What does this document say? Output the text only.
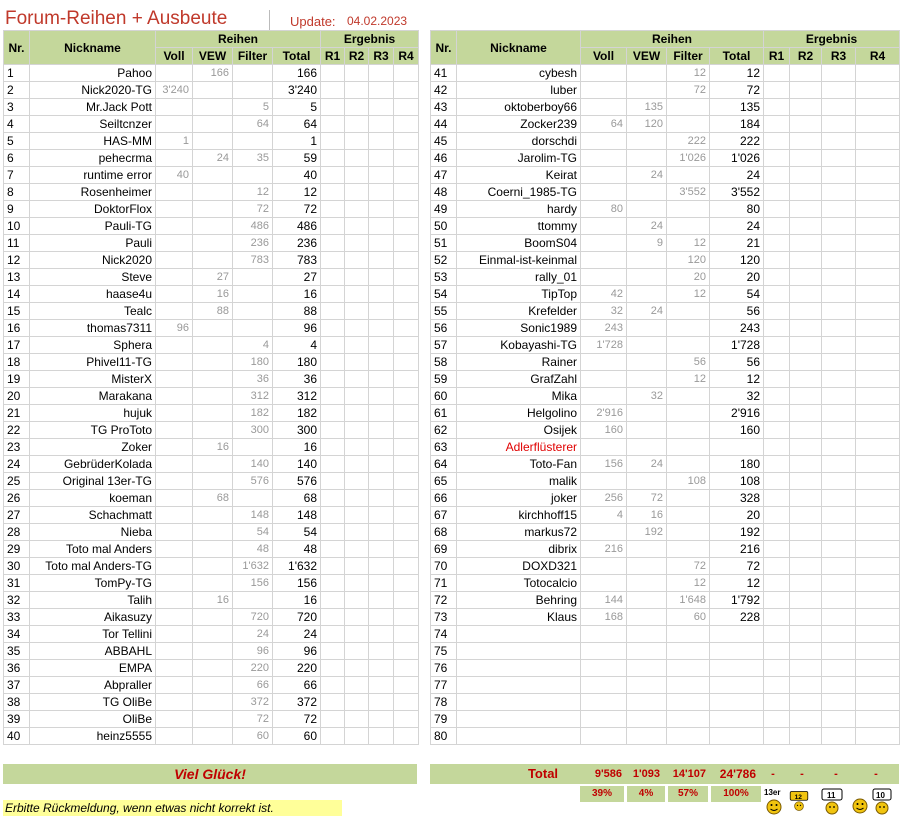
Forum-Reihen + Ausbeute	Update: 04.02.2023
Nr.	Nickname	Reihen				Ergebnis			
		Voll	VEW	Filter	Total	R1	R2	R3	R4
1	Pahoo		166		166				
2	Nick2020-TG	3'240			3'240				
3	Mr.Jack Pott			5	5				
4	Seiltcnzer			64	64				
5	HAS-MM	1			1				
6	pehecrma		24	35	59				
7	runtime error	40			40				
8	Rosenheimer			12	12				
9	DoktorFlox			72	72				
10	Pauli-TG			486	486				
11	Pauli			236	236				
12	Nick2020			783	783				
13	Steve		27		27				
14	haase4u		16		16				
15	Tealc		88		88				
16	thomas7311	96			96				
17	Sphera			4	4				
18	Phivel11-TG			180	180				
19	MisterX			36	36				
20	Marakana			312	312				
21	hujuk			182	182				
22	TG ProToto			300	300				
23	Zoker		16		16				
24	GebrüderKolada			140	140				
25	Original 13er-TG			576	576				
26	koeman		68		68				
27	Schachmatt			148	148				
28	Nieba			54	54				
29	Toto mal Anders			48	48				
30	Toto mal Anders-TG			1'632	1'632				
31	TomPy-TG			156	156				
32	Talih		16		16				
33	Aikasuzy			720	720				
34	Tor Tellini			24	24				
35	ABBAHL			96	96				
36	EMPA			220	220				
37	Abpraller			66	66				
38	TG OliBe			372	372				
39	OliBe			72	72				
40	heinz5555			60	60				
Nr.	Nickname	Reihen				Ergebnis			
		Voll	VEW	Filter	Total	R1	R2	R3	R4
41	cybesh			12	12				
42	luber			72	72				
43	oktoberboy66		135		135				
44	Zocker239	64	120		184				
45	dorschdi			222	222				
46	Jarolim-TG			1'026	1'026				
47	Keirat		24		24				
48	Coerni_1985-TG			3'552	3'552				
49	hardy	80			80				
50	ttommy		24		24				
51	BoomS04		9	12	21				
52	Einmal-ist-keinmal			120	120				
53	rally_01			20	20				
54	TipTop	42		12	54				
55	Krefelder	32	24		56				
56	Sonic1989	243			243				
57	Kobayashi-TG	1'728			1'728				
58	Rainer			56	56				
59	GrafZahl			12	12				
60	Mika		32		32				
61	Helgolino	2'916			2'916				
62	Osijek	160			160				
63	Adlerflüsterer								
64	Toto-Fan	156	24		180				
65	malik			108	108				
66	joker	256	72		328				
67	kirchhoff15	4	16		20				
68	markus72		192		192				
69	dibrix	216			216				
70	DOXD321			72	72				
71	Totocalcio			12	12				
72	Behring	144		1'648	1'792				
73	Klaus	168		60	228				
74									
75									
76									
77									
78									
79									
80									
Viel Glück!	Total	9'586 1'093	14'107	24'786	-	-	-	-
39%	4%	57%	100%
Erbitte Rückmeldung, wenn etwas nicht korrekt ist.
13er
12	11	10
